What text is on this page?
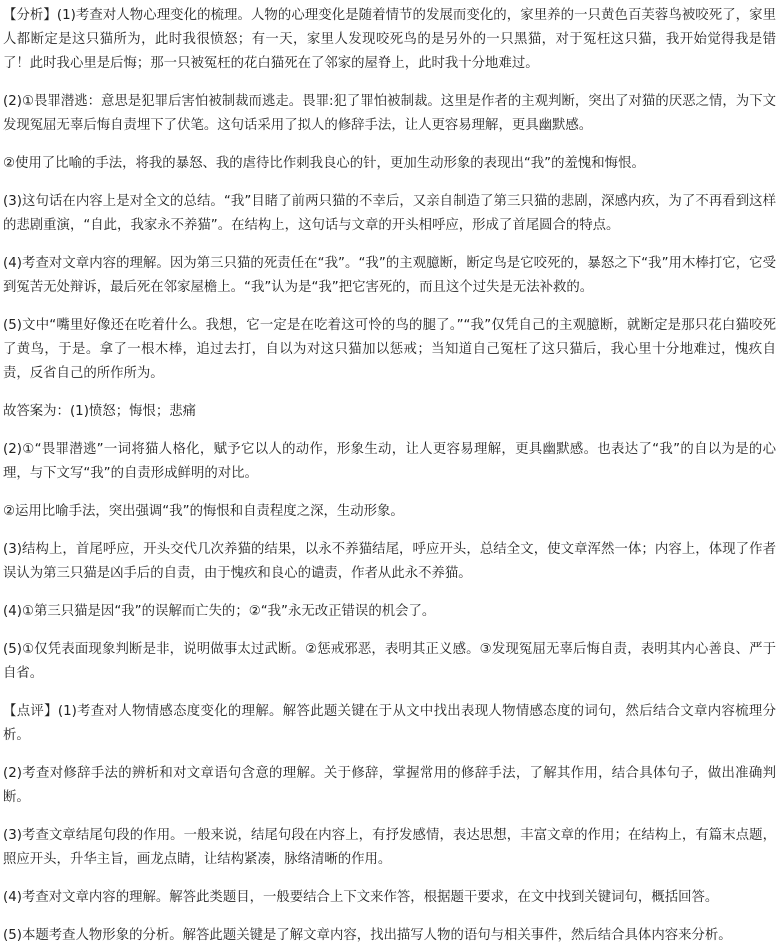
【分析】(1)考查对人物心理变化的梳理。人物的心理变化是随着情节的发展而变化的，家里养的一只黄色百芙蓉鸟被咬死了，家里人都断定是这只猫所为，此时我很愤怒；有一天，家里人发现咬死鸟的是另外的一只黑猫，对于冤枉这只猫，我开始觉得我是错了！此时我心里是后悔；那一只被冤枉的花白猫死在了邻家的屋脊上，此时我十分地难过。

(2)①畏罪潜逃：意思是犯罪后害怕被制裁而逃走。畏罪:犯了罪怕被制裁。这里是作者的主观判断，突出了对猫的厌恶之情，为下文发现冤屈无辜后悔自责埋下了伏笔。这句话采用了拟人的修辞手法，让人更容易理解，更具幽默感。

②使用了比喻的手法，将我的暴怒、我的虐待比作刺我良心的针，更加生动形象的表现出“我”的羞愧和悔恨。

(3)这句话在内容上是对全文的总结。“我”目睹了前两只猫的不幸后，又亲自制造了第三只猫的悲剧，深感内疚，为了不再看到这样的悲剧重演，“自此，我家永不养猫”。在结构上，这句话与文章的开头相呼应，形成了首尾圆合的特点。

(4)考查对文章内容的理解。因为第三只猫的死责任在“我”。“我”的主观臆断，断定鸟是它咬死的，暴怒之下“我”用木棒打它，它受到冤苦无处辩诉，最后死在邻家屋檐上。“我”认为是“我”把它害死的，而且这个过失是无法补救的。

(5)文中“嘴里好像还在吃着什么。我想，它一定是在吃着这可怜的鸟的腿了。”“我”仅凭自己的主观臆断，就断定是那只花白猫咬死了黄鸟，于是。拿了一根木棒，追过去打，自以为对这只猫加以惩戒；当知道自己冤枉了这只猫后，我心里十分地难过，愧疚自责，反省自己的所作所为。

故答案为：(1)愤怒；悔恨；悲痛

(2)①“畏罪潜逃”一词将猫人格化，赋予它以人的动作，形象生动，让人更容易理解，更具幽默感。也表达了“我”的自以为是的心理，与下文写“我”的自责形成鲜明的对比。

②运用比喻手法，突出强调“我”的悔恨和自责程度之深，生动形象。

(3)结构上，首尾呼应，开头交代几次养猫的结果，以永不养猫结尾，呼应开头，总结全文，使文章浑然一体；内容上，体现了作者误认为第三只猫是凶手后的自责，由于愧疚和良心的谴责，作者从此永不养猫。

(4)①第三只猫是因“我”的误解而亡失的；②“我”永无改正错误的机会了。

(5)①仅凭表面现象判断是非，说明做事太过武断。②惩戒邪恶，表明其正义感。③发现冤屈无辜后悔自责，表明其内心善良、严于自省。

【点评】(1)考查对人物情感态度变化的理解。解答此题关键在于从文中找出表现人物情感态度的词句，然后结合文章内容梳理分析。

(2)考查对修辞手法的辨析和对文章语句含意的理解。关于修辞，掌握常用的修辞手法，了解其作用，结合具体句子，做出准确判断。

(3)考查文章结尾句段的作用。一般来说，结尾句段在内容上，有抒发感情，表达思想，丰富文章的作用；在结构上，有篇末点题，照应开头，升华主旨，画龙点睛，让结构紧凑，脉络清晰的作用。

(4)考查对文章内容的理解。解答此类题目，一般要结合上下文来作答，根据题干要求，在文中找到关键词句，概括回答。

(5)本题考查人物形象的分析。解答此题关键是了解文章内容，找出描写人物的语句与相关事件，然后结合具体内容来分析。
